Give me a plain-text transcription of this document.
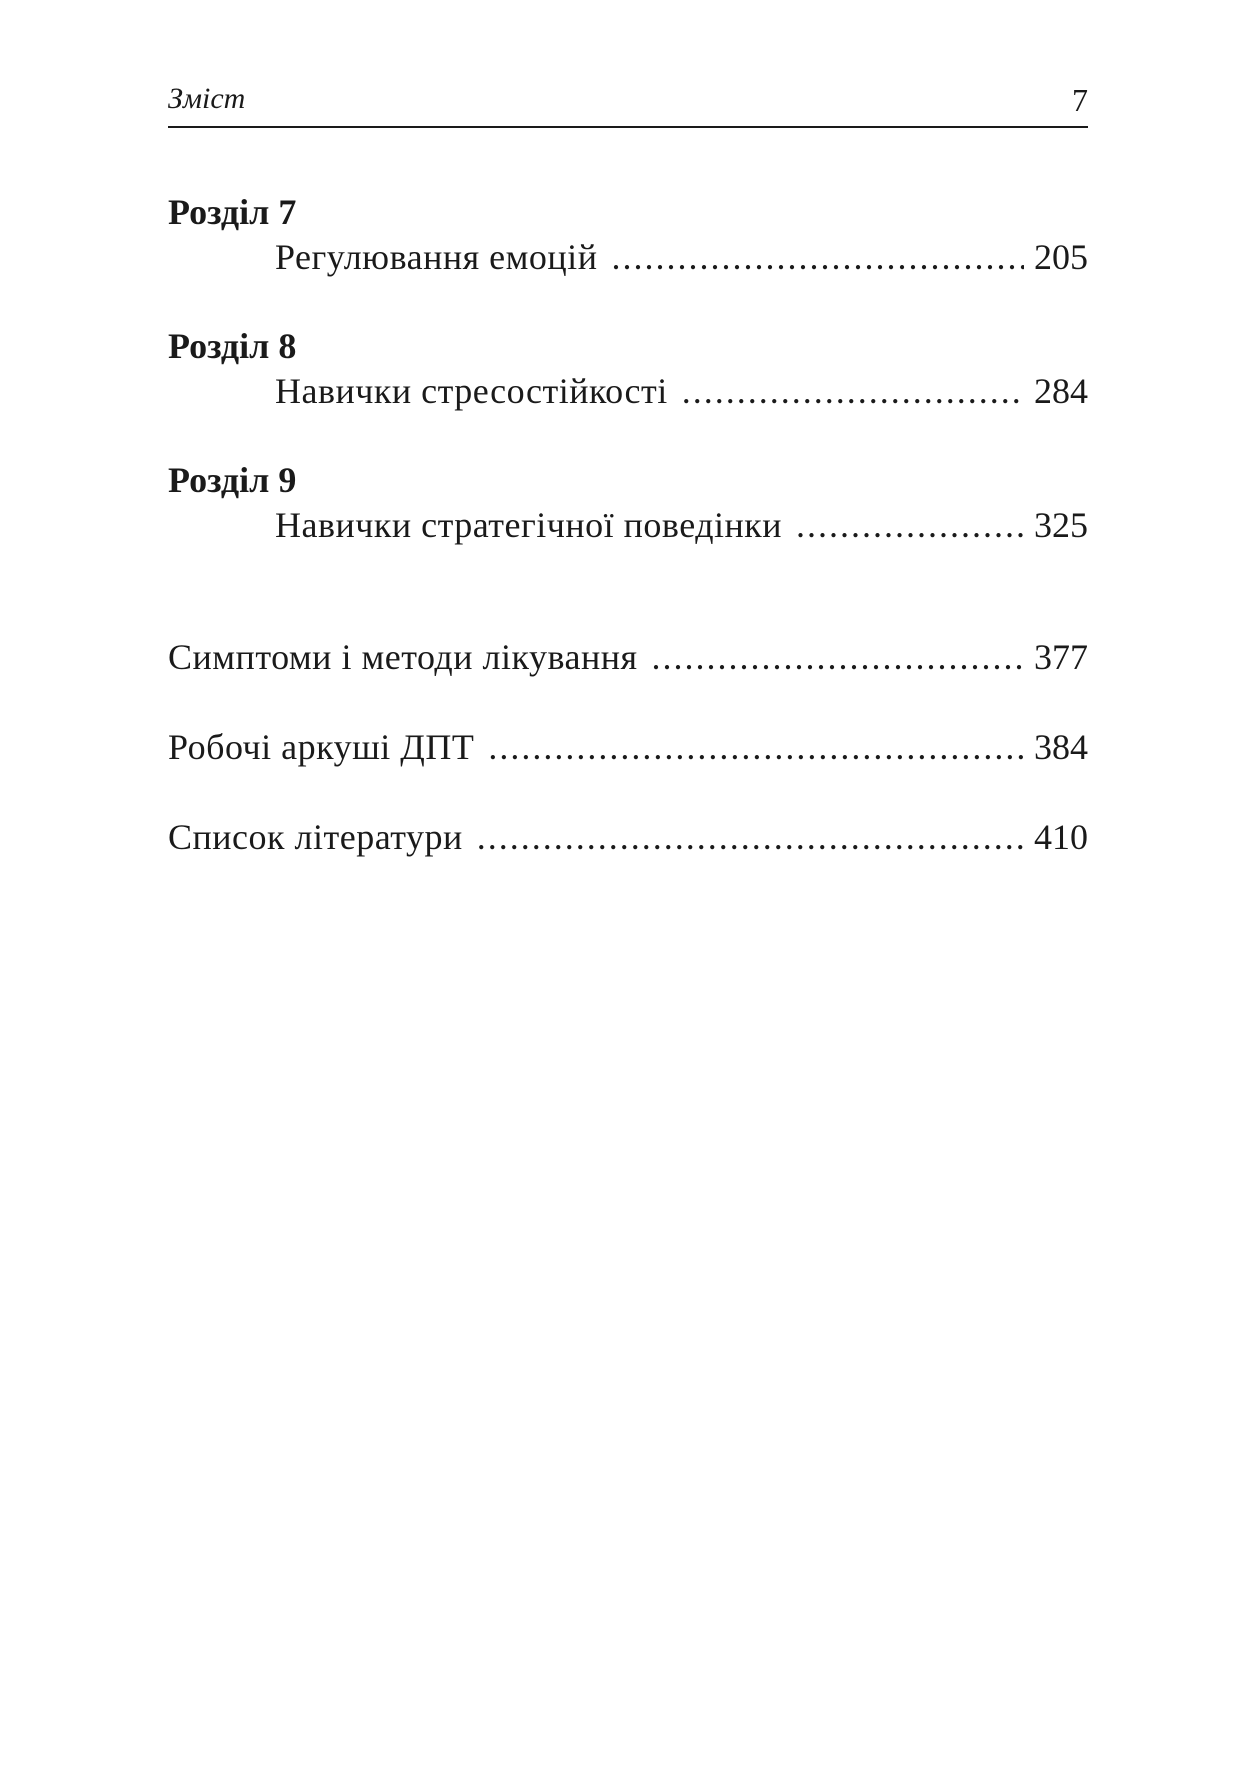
Зміст	7
Розділ 7
Регулювання емоцій .....	205
Розділ 8
Навички стресостійкості .....	284
Розділ 9
Навички стратегічної поведінки .....	325
Симптоми і методи лікування .....	377
Робочі аркуші ДПТ .....	384
Список літератури .....	410
